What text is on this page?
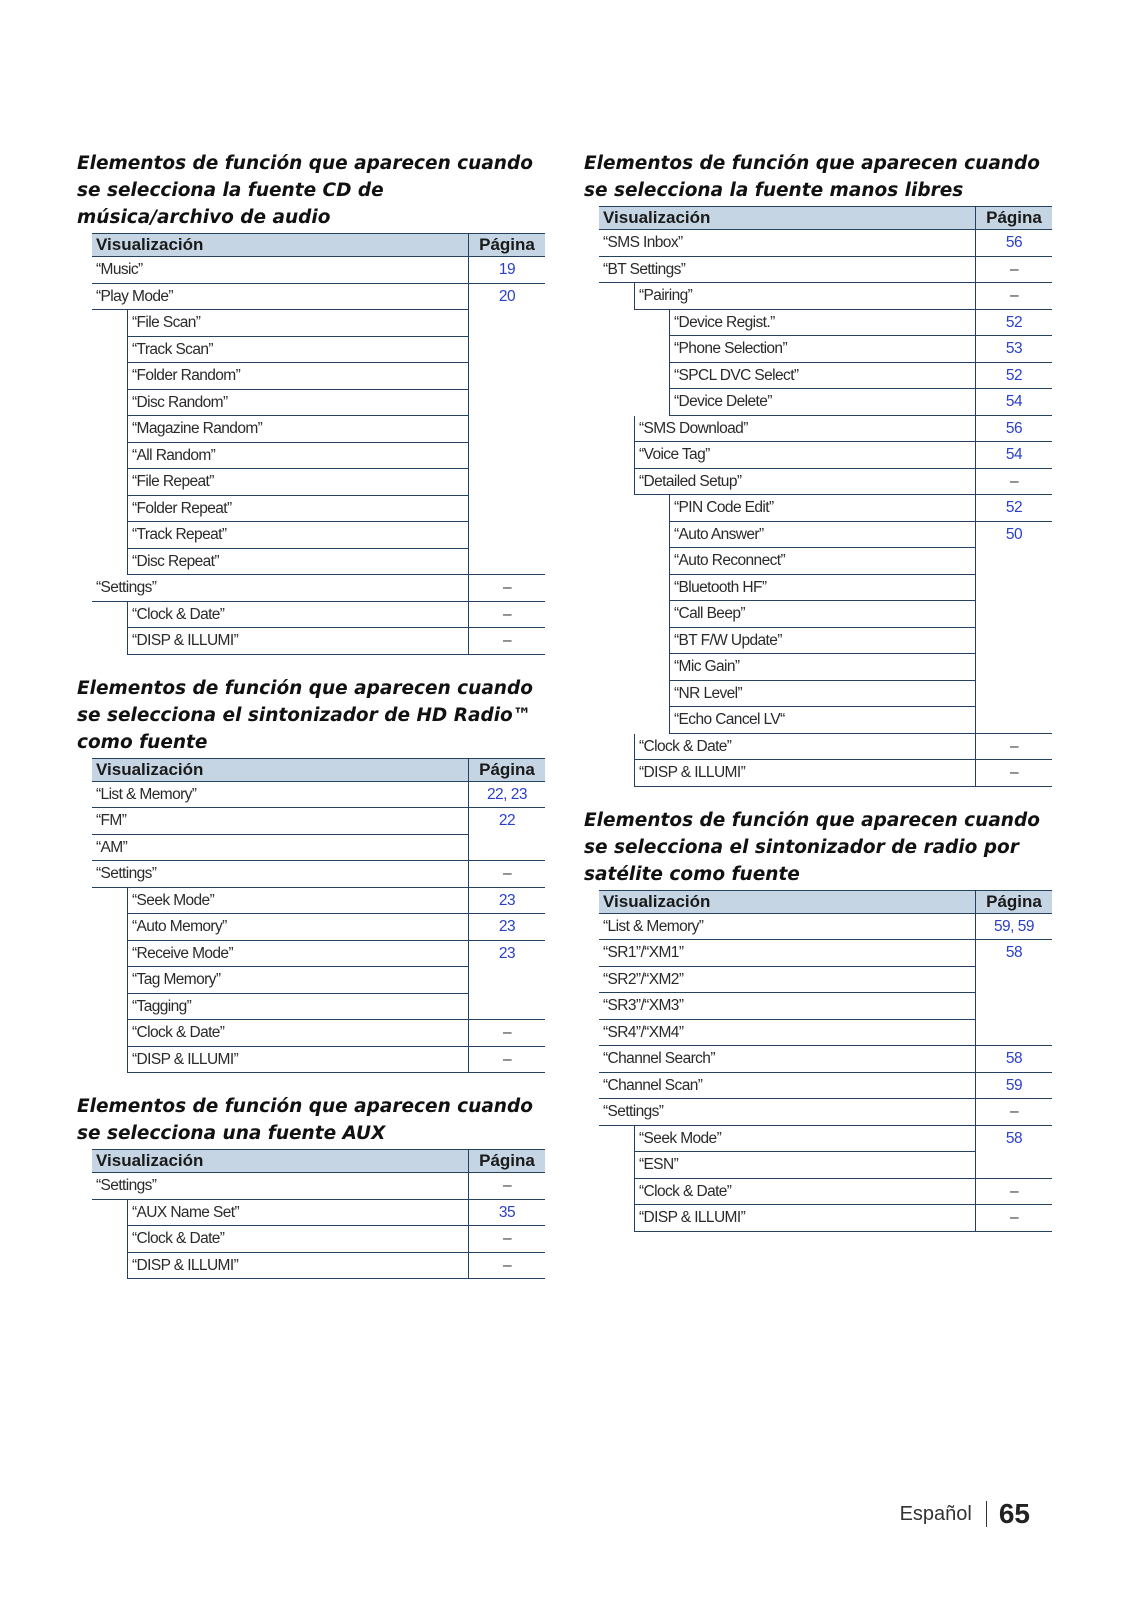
Elementos de función que aparecen cuando se selecciona la fuente CD de música/archivo de audio
Visualización	Página
“Music”	19
“Play Mode”	20
“File Scan”
“Track Scan”
“Folder Random”
“Disc Random”
“Magazine Random”
“All Random”
“File Repeat”
“Folder Repeat”
“Track Repeat”
“Disc Repeat”
“Settings”	–
“Clock & Date”	–
“DISP & ILLUMI”	–
Elementos de función que aparecen cuando se selecciona el sintonizador de HD Radio™ como fuente
Visualización	Página
“List & Memory”	22, 23
“FM”	22
“AM”
“Settings”	–
“Seek Mode”	23
“Auto Memory”	23
“Receive Mode”	23
“Tag Memory”
“Tagging”
“Clock & Date”	–
“DISP & ILLUMI”	–
Elementos de función que aparecen cuando se selecciona una fuente AUX
Visualización	Página
“Settings”	–
“AUX Name Set”	35
“Clock & Date”	–
“DISP & ILLUMI”	–
Elementos de función que aparecen cuando se selecciona la fuente manos libres
Visualización	Página
“SMS Inbox”	56
“BT Settings”	–
“Pairing”	–
“Device Regist.”	52
“Phone Selection”	53
“SPCL DVC Select”	52
“Device Delete”	54
“SMS Download”	56
“Voice Tag”	54
“Detailed Setup”	–
“PIN Code Edit”	52
“Auto Answer”	50
“Auto Reconnect”
“Bluetooth HF”
“Call Beep”
“BT F/W Update”
“Mic Gain”
“NR Level”
“Echo Cancel LV“
“Clock & Date”	–
“DISP & ILLUMI”	–
Elementos de función que aparecen cuando se selecciona el sintonizador de radio por satélite como fuente
Visualización	Página
“List & Memory”	59, 59
“SR1”/“XM1”	58
“SR2”/“XM2”
“SR3”/“XM3”
“SR4”/“XM4”
“Channel Search”	58
“Channel Scan”	59
“Settings”	–
“Seek Mode”	58
“ESN”
“Clock & Date”	–
“DISP & ILLUMI”	–
Español 65
